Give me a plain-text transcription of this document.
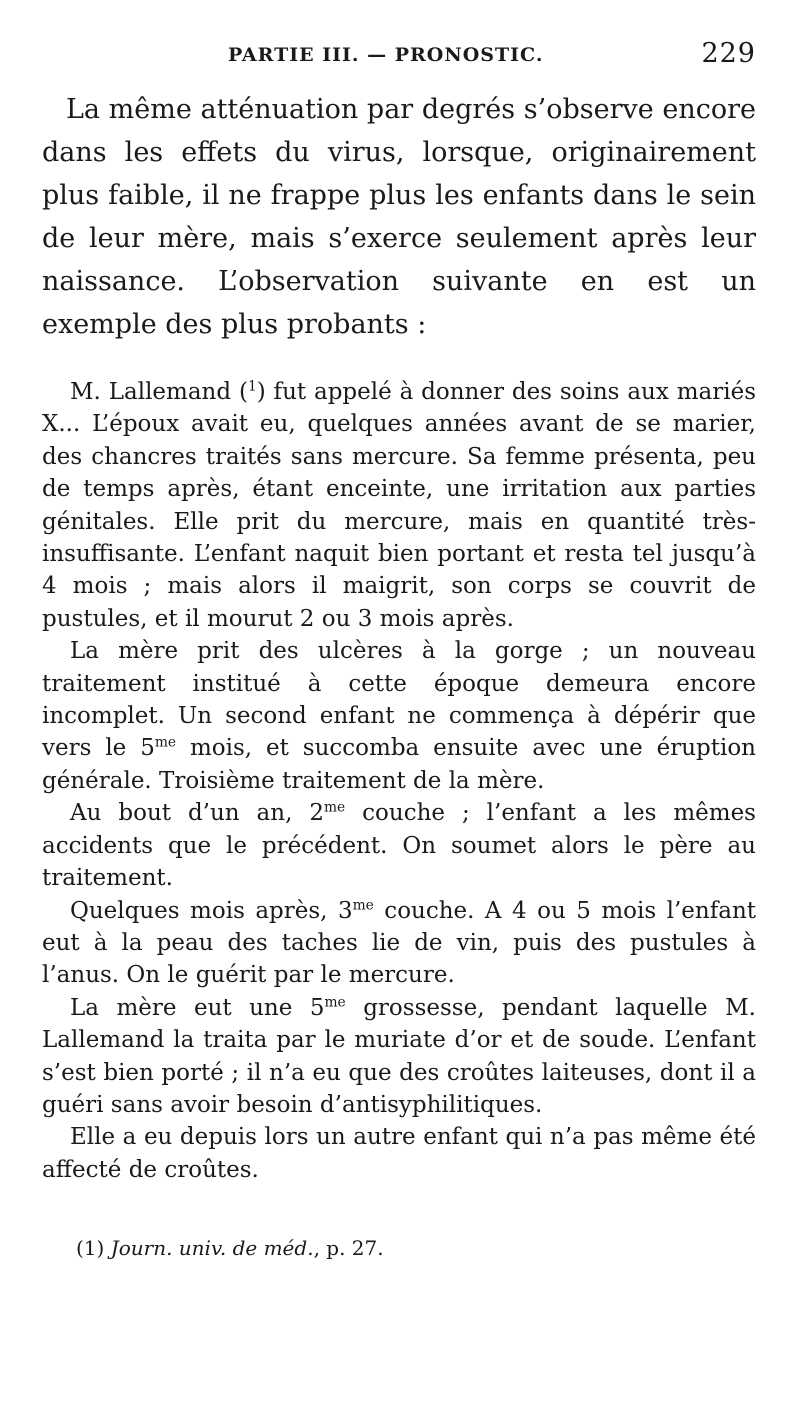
PARTIE III. — PRONOSTIC.	229

La même atténuation par degrés s’observe encore dans les effets du virus, lorsque, originairement plus faible, il ne frappe plus les enfants dans le sein de leur mère, mais s’exerce seulement après leur naissance. L’observation suivante en est un exemple des plus probants :

M. Lallemand ($^1$) fut appelé à donner des soins aux mariés X... L’époux avait eu, quelques années avant de se marier, des chancres traités sans mercure. Sa femme présenta, peu de temps après, étant enceinte, une irritation aux parties génitales. Elle prit du mercure, mais en quantité très-insuffisante. L’enfant naquit bien portant et resta tel jusqu’à 4 mois ; mais alors il maigrit, son corps se couvrit de pustules, et il mourut 2 ou 3 mois après.

La mère prit des ulcères à la gorge ; un nouveau traitement institué à cette époque demeura encore incomplet. Un second enfant ne commença à dépérir que vers le $5^{me}$ mois, et succomba ensuite avec une éruption générale. Troisième traitement de la mère.

Au bout d’un an, $2^{me}$ couche ; l’enfant a les mêmes accidents que le précédent. On soumet alors le père au traitement.

Quelques mois après, $3^{me}$ couche. A 4 ou 5 mois l’enfant eut à la peau des taches lie de vin, puis des pustules à l’anus. On le guérit par le mercure.

La mère eut une $5^{me}$ grossesse, pendant laquelle M. Lallemand la traita par le muriate d’or et de soude. L’enfant s’est bien porté ; il n’a eu que des croûtes laiteuses, dont il a guéri sans avoir besoin d’antisyphilitiques.

Elle a eu depuis lors un autre enfant qui n’a pas même été affecté de croûtes.

(1) Journ. univ. de méd., p. 27.
